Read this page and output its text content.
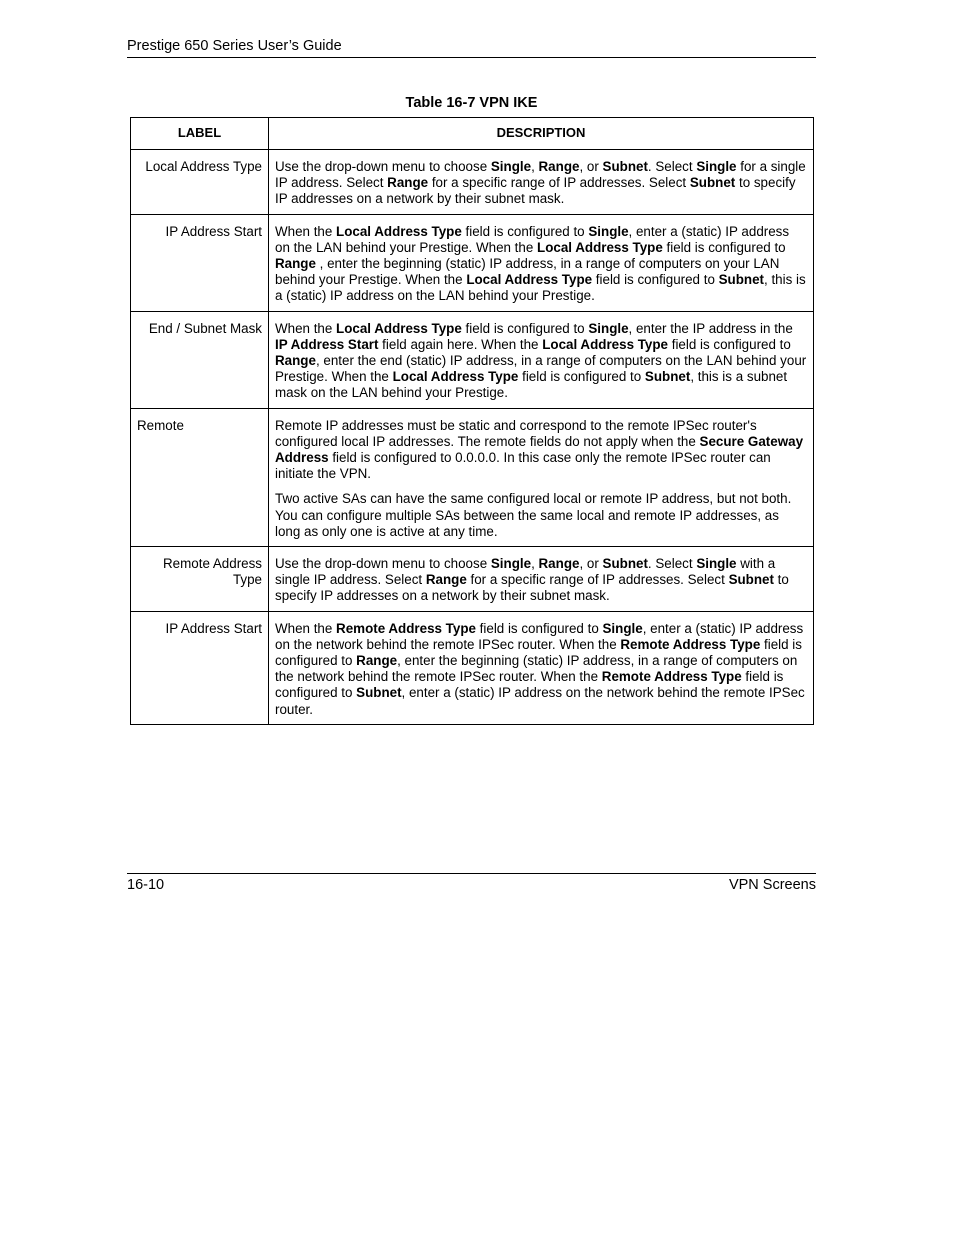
Prestige 650 Series User’s Guide
Table 16-7 VPN IKE
LABEL	DESCRIPTION
Local Address Type	Use the drop-down menu to choose Single, Range, or Subnet. Select Single for a single IP address. Select Range for a specific range of IP addresses. Select Subnet to specify IP addresses on a network by their subnet mask.

IP Address Start	When the Local Address Type field is configured to Single, enter a (static) IP address on the LAN behind your Prestige. When the Local Address Type field is configured to Range , enter the beginning (static) IP address, in a range of computers on your LAN behind your Prestige. When the Local Address Type field is configured to Subnet, this is a (static) IP address on the LAN behind your Prestige.

End / Subnet Mask	When the Local Address Type field is configured to Single, enter the IP address in the IP Address Start field again here. When the Local Address Type field is configured to Range, enter the end (static) IP address, in a range of computers on the LAN behind your Prestige. When the Local Address Type field is configured to Subnet, this is a subnet mask on the LAN behind your Prestige.

Remote	Remote IP addresses must be static and correspond to the remote IPSec router's configured local IP addresses. The remote fields do not apply when the Secure Gateway Address field is configured to 0.0.0.0. In this case only the remote IPSec router can initiate the VPN.

Two active SAs can have the same configured local or remote IP address, but not both. You can configure multiple SAs between the same local and remote IP addresses, as long as only one is active at any time.

Remote Address Type	Use the drop-down menu to choose Single, Range, or Subnet. Select Single with a single IP address. Select Range for a specific range of IP addresses. Select Subnet to specify IP addresses on a network by their subnet mask.

IP Address Start	When the Remote Address Type field is configured to Single, enter a (static) IP address on the network behind the remote IPSec router. When the Remote Address Type field is configured to Range, enter the beginning (static) IP address, in a range of computers on the network behind the remote IPSec router. When the Remote Address Type field is configured to Subnet, enter a (static) IP address on the network behind the remote IPSec router.

16-10	VPN Screens
